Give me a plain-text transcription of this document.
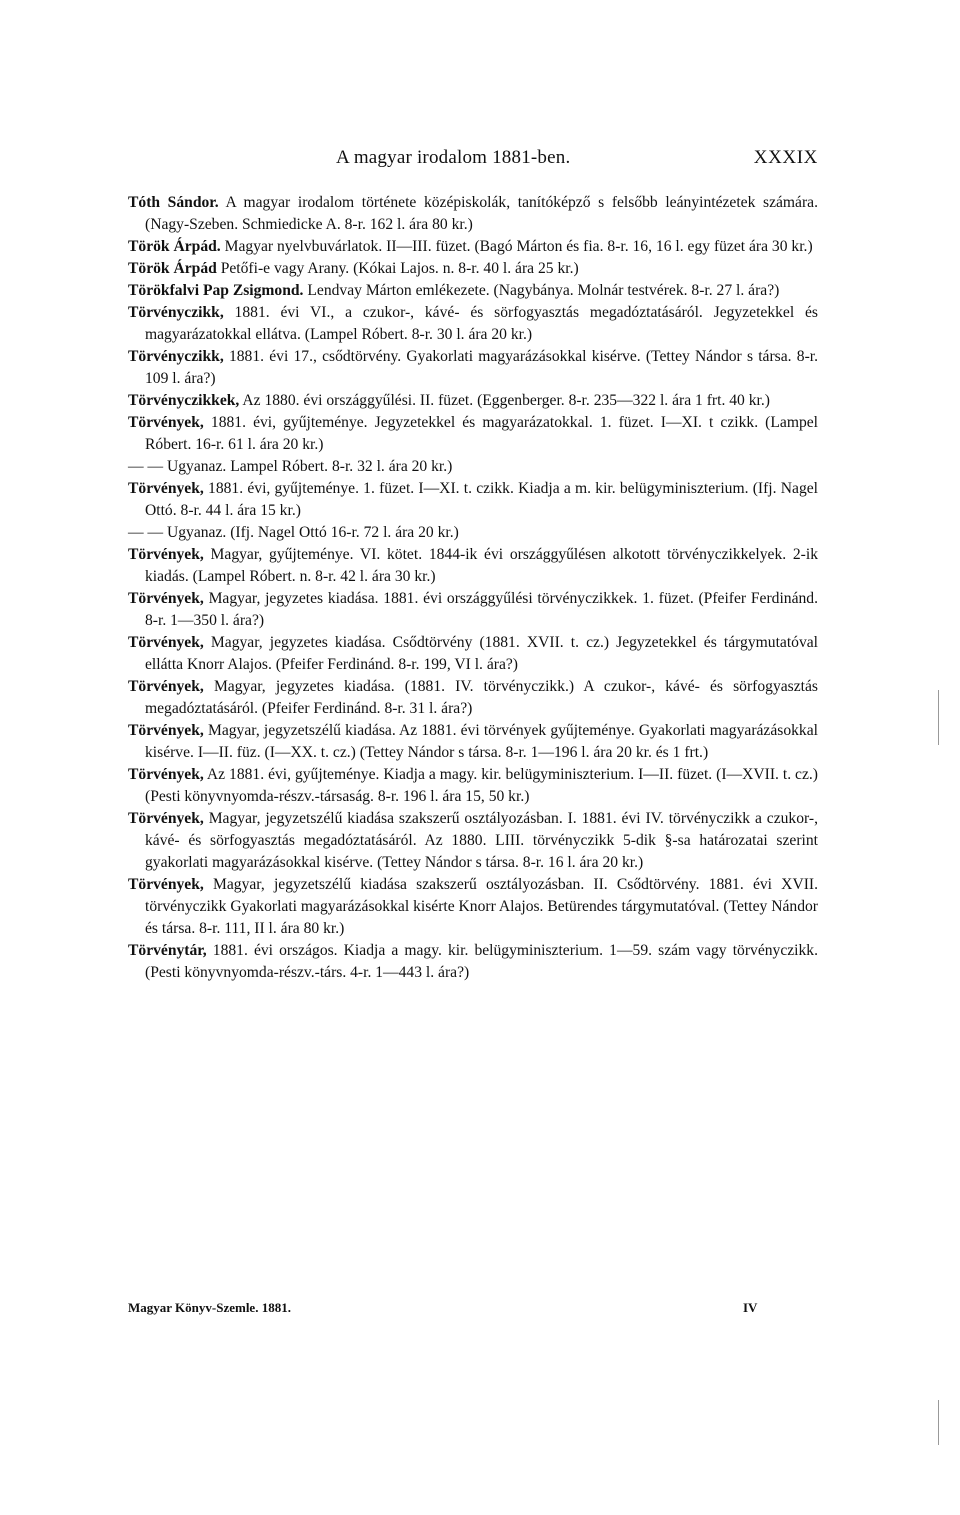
A magyar irodalom 1881-ben.	XXXIX

Tóth Sándor. A magyar irodalom története középiskolák, tanítóképző s felsőbb leányintézetek számára. (Nagy-Szeben. Schmiedicke A. 8-r. 162 l. ára 80 kr.)

Török Árpád. Magyar nyelvbuvárlatok. II—III. füzet. (Bagó Márton és fia. 8-r. 16, 16 l. egy füzet ára 30 kr.)

Török Árpád Petőfi-e vagy Arany. (Kókai Lajos. n. 8-r. 40 l. ára 25 kr.)

Törökfalvi Pap Zsigmond. Lendvay Márton emlékezete. (Nagybánya. Molnár testvérek. 8-r. 27 l. ára?)

Törvényczikk, 1881. évi VI., a czukor-, kávé- és sörfogyasztás megadóztatásáról. Jegyzetekkel és magyarázatokkal ellátva. (Lampel Róbert. 8-r. 30 l. ára 20 kr.)

Törvényczikk, 1881. évi 17., csődtörvény. Gyakorlati magyarázásokkal kisérve. (Tettey Nándor s társa. 8-r. 109 l. ára?)

Törvényczikkek, Az 1880. évi országgyűlési. II. füzet. (Eggenberger. 8-r. 235—322 l. ára 1 frt. 40 kr.)

Törvények, 1881. évi, gyűjteménye. Jegyzetekkel és magyarázatokkal. 1. füzet. I—XI. t czikk. (Lampel Róbert. 16-r. 61 l. ára 20 kr.)

— — Ugyanaz. Lampel Róbert. 8-r. 32 l. ára 20 kr.)

Törvények, 1881. évi, gyűjteménye. 1. füzet. I—XI. t. czikk. Kiadja a m. kir. belügyminiszterium. (Ifj. Nagel Ottó. 8-r. 44 l. ára 15 kr.)

— — Ugyanaz. (Ifj. Nagel Ottó 16-r. 72 l. ára 20 kr.)

Törvények, Magyar, gyűjteménye. VI. kötet. 1844-ik évi országgyűlésen alkotott törvényczikkelyek. 2-ik kiadás. (Lampel Róbert. n. 8-r. 42 l. ára 30 kr.)

Törvények, Magyar, jegyzetes kiadása. 1881. évi országgyűlési törvényczikkek. 1. füzet. (Pfeifer Ferdinánd. 8-r. 1—350 l. ára?)

Törvények, Magyar, jegyzetes kiadása. Csődtörvény (1881. XVII. t. cz.) Jegyzetekkel és tárgymutatóval ellátta Knorr Alajos. (Pfeifer Ferdinánd. 8-r. 199, VI l. ára?)

Törvények, Magyar, jegyzetes kiadása. (1881. IV. törvényczikk.) A czukor-, kávé- és sörfogyasztás megadóztatásáról. (Pfeifer Ferdinánd. 8-r. 31 l. ára?)

Törvények, Magyar, jegyzetszélű kiadása. Az 1881. évi törvények gyűjteménye. Gyakorlati magyarázásokkal kisérve. I—II. füz. (I—XX. t. cz.) (Tettey Nándor s társa. 8-r. 1—196 l. ára 20 kr. és 1 frt.)

Törvények, Az 1881. évi, gyűjteménye. Kiadja a magy. kir. belügyminiszterium. I—II. füzet. (I—XVII. t. cz.) (Pesti könyvnyomda-részv.-társaság. 8-r. 196 l. ára 15, 50 kr.)

Törvények, Magyar, jegyzetszélű kiadása szakszerű osztályozásban. I. 1881. évi IV. törvényczikk a czukor-, kávé- és sörfogyasztás megadóztatásáról. Az 1880. LIII. törvényczikk 5-dik §-sa határozatai szerint gyakorlati magyarázásokkal kisérve. (Tettey Nándor s társa. 8-r. 16 l. ára 20 kr.)

Törvények, Magyar, jegyzetszélű kiadása szakszerű osztályozásban. II. Csődtörvény. 1881. évi XVII. törvényczikk Gyakorlati magyarázásokkal kisérte Knorr Alajos. Betürendes tárgymutatóval. (Tettey Nándor és társa. 8-r. 111, II l. ára 80 kr.)

Törvénytár, 1881. évi országos. Kiadja a magy. kir. belügyminiszterium. 1—59. szám vagy törvényczikk. (Pesti könyvnyomda-részv.-társ. 4-r. 1—443 l. ára?)

Magyar Könyv-Szemle. 1881.	IV
